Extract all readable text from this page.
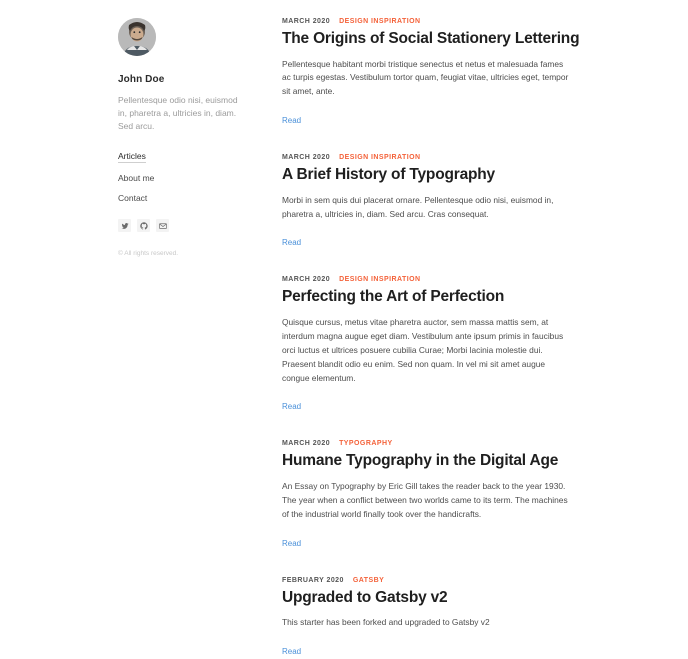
John Doe
Pellentesque odio nisi, euismod in, pharetra a, ultricies in, diam. Sed arcu.
Articles
About me
Contact
© All rights reserved.
MARCH 2020 DESIGN INSPIRATION
The Origins of Social Stationery Lettering

Pellentesque habitant morbi tristique senectus et netus et malesuada fames ac turpis egestas. Vestibulum tortor quam, feugiat vitae, ultricies eget, tempor sit amet, ante.

Read
MARCH 2020 DESIGN INSPIRATION
A Brief History of Typography

Morbi in sem quis dui placerat ornare. Pellentesque odio nisi, euismod in, pharetra a, ultricies in, diam. Sed arcu. Cras consequat.

Read
MARCH 2020 DESIGN INSPIRATION
Perfecting the Art of Perfection

Quisque cursus, metus vitae pharetra auctor, sem massa mattis sem, at interdum magna augue eget diam. Vestibulum ante ipsum primis in faucibus orci luctus et ultrices posuere cubilia Curae; Morbi lacinia molestie dui. Praesent blandit odio eu enim. Sed non quam. In vel mi sit amet augue congue elementum.

Read
MARCH 2020 TYPOGRAPHY
Humane Typography in the Digital Age

An Essay on Typography by Eric Gill takes the reader back to the year 1930. The year when a conflict between two worlds came to its term. The machines of the industrial world finally took over the handicrafts.

Read
FEBRUARY 2020 GATSBY
Upgraded to Gatsby v2

This starter has been forked and upgraded to Gatsby v2

Read
